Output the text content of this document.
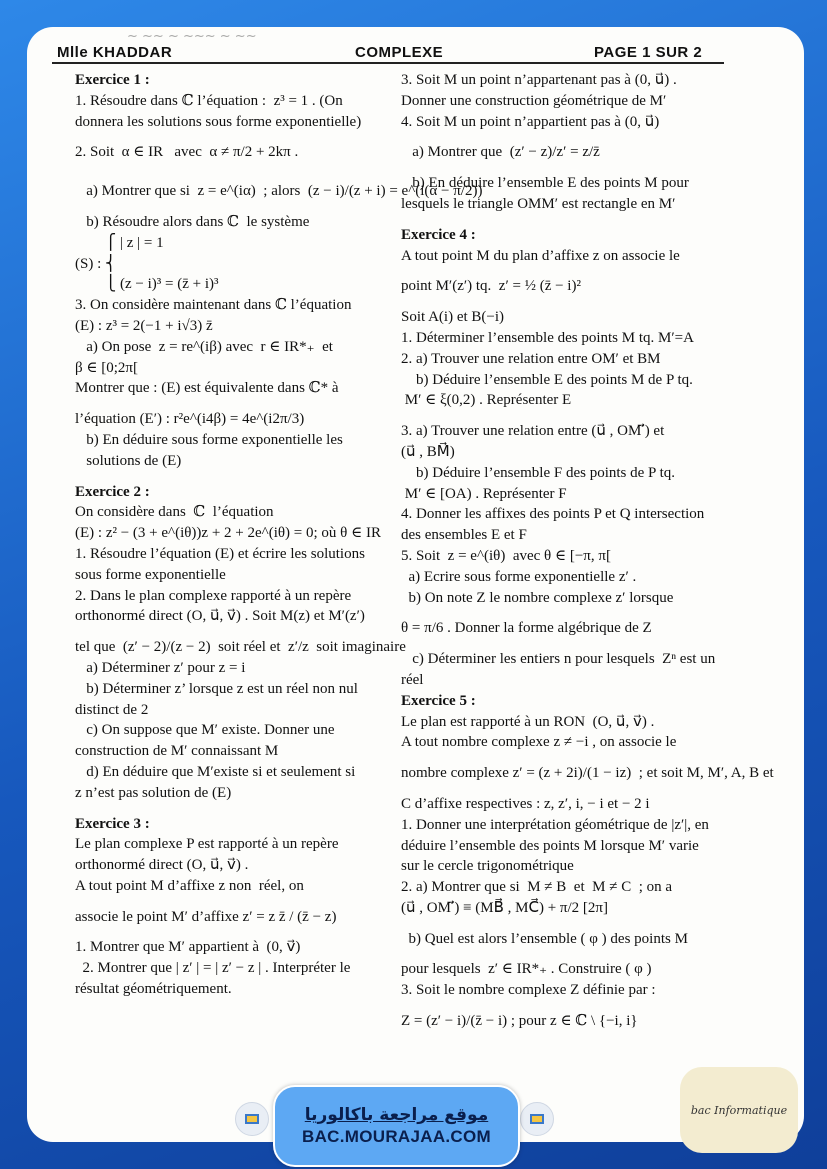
~ ~~ ~ ~~~ ~ ~~
Mlle KHADDAR	COMPLEXE	PAGE 1 SUR 2

Exercice 1 :

1. Résoudre dans ℂ l’équation :  z³ = 1 . (On

donnera les solutions sous forme exponentielle)

2. Soit  α ∈ IR   avec  α ≠ π/2 + 2kπ .

a) Montrer que si  z = e^(iα)  ; alors  (z − i)/(z + i) = e^(i(α − π/2))

b) Résoudre alors dans ℂ  le système

⎧ | z | = 1

(S) : ⎨

⎩ (z − i)³ = (z̄ + i)³

3. On considère maintenant dans ℂ l’équation

(E) : z³ = 2(−1 + i√3) z̄

a) On pose  z = re^(iβ) avec  r ∈ IR*₊  et

β ∈ [0;2π[

Montrer que : (E) est équivalente dans ℂ* à

l’équation (E′) : r²e^(i4β) = 4e^(i2π/3)

b) En déduire sous forme exponentielle les

solutions de (E)

Exercice 2 :

On considère dans  ℂ  l’équation

(E) : z² − (3 + e^(iθ))z + 2 + 2e^(iθ) = 0; où θ ∈ IR

1. Résoudre l’équation (E) et écrire les solutions

sous forme exponentielle

2. Dans le plan complexe rapporté à un repère

orthonormé direct (O, u⃗, v⃗) . Soit M(z) et M′(z′)

tel que  (z′ − 2)/(z − 2)  soit réel et  z′/z  soit imaginaire

a) Déterminer z′ pour z = i

b) Déterminer z’ lorsque z est un réel non nul

distinct de 2

c) On suppose que M′ existe. Donner une

construction de M′ connaissant M

d) En déduire que M′existe si et seulement si

z n’est pas solution de (E)

Exercice 3 :

Le plan complexe P est rapporté à un repère

orthonormé direct (O, u⃗, v⃗) .

A tout point M d’affixe z non  réel, on

associe le point M′ d’affixe z′ = z z̄ / (z̄ − z)

1. Montrer que M′ appartient à  (0, v⃗)

2. Montrer que | z′ | = | z′ − z | . Interpréter le

résultat géométriquement.

3. Soit M un point n’appartenant pas à (0, u⃗) .

Donner une construction géométrique de M′

4. Soit M un point n’appartient pas à (0, u⃗)

a) Montrer que  (z′ − z)/z′ = z/z̄

b) En déduire l’ensemble E des points M pour

lesquels le triangle OMM′ est rectangle en M′

Exercice 4 :

A tout point M du plan d’affixe z on associe le

point M′(z′) tq.  z′ = ½ (z̄ − i)²

Soit A(i) et B(−i)

1. Déterminer l’ensemble des points M tq. M′=A

2. a) Trouver une relation entre OM′ et BM

b) Déduire l’ensemble E des points M de P tq.

M′ ∈ ξ(0,2) . Représenter E

3. a) Trouver une relation entre (u⃗ , OM′⃗) et

(u⃗ , BM⃗)

b) Déduire l’ensemble F des points de P tq.

M′ ∈ [OA) . Représenter F

4. Donner les affixes des points P et Q intersection

des ensembles E et F

5. Soit  z = e^(iθ)  avec θ ∈ [−π, π[

a) Ecrire sous forme exponentielle z′ .

b) On note Z le nombre complexe z′ lorsque

θ = π/6 . Donner la forme algébrique de Z

c) Déterminer les entiers n pour lesquels  Zⁿ est un

réel

Exercice 5 :

Le plan est rapporté à un RON  (O, u⃗, v⃗) .

A tout nombre complexe z ≠ −i , on associe le

nombre complexe z′ = (z + 2i)/(1 − iz)  ; et soit M, M′, A, B et

C d’affixe respectives : z, z′, i, − i et − 2 i

1. Donner une interprétation géométrique de |z′|, en

déduire l’ensemble des points M lorsque M′ varie

sur le cercle trigonométrique

2. a) Montrer que si  M ≠ B  et  M ≠ C  ; on a

(u⃗ , OM′⃗) ≡ (MB⃗ , MC⃗) + π/2 [2π]

b) Quel est alors l’ensemble ( φ ) des points M

pour lesquels  z′ ∈ IR*₊ . Construire ( φ )

3. Soit le nombre complexe Z définie par :

Z = (z′ − i)/(z̄ − i) ; pour z ∈ ℂ \ {−i, i}

موقع مراجعة باكالوريا
BAC.MOURAJAA.COM
bac Informatique
